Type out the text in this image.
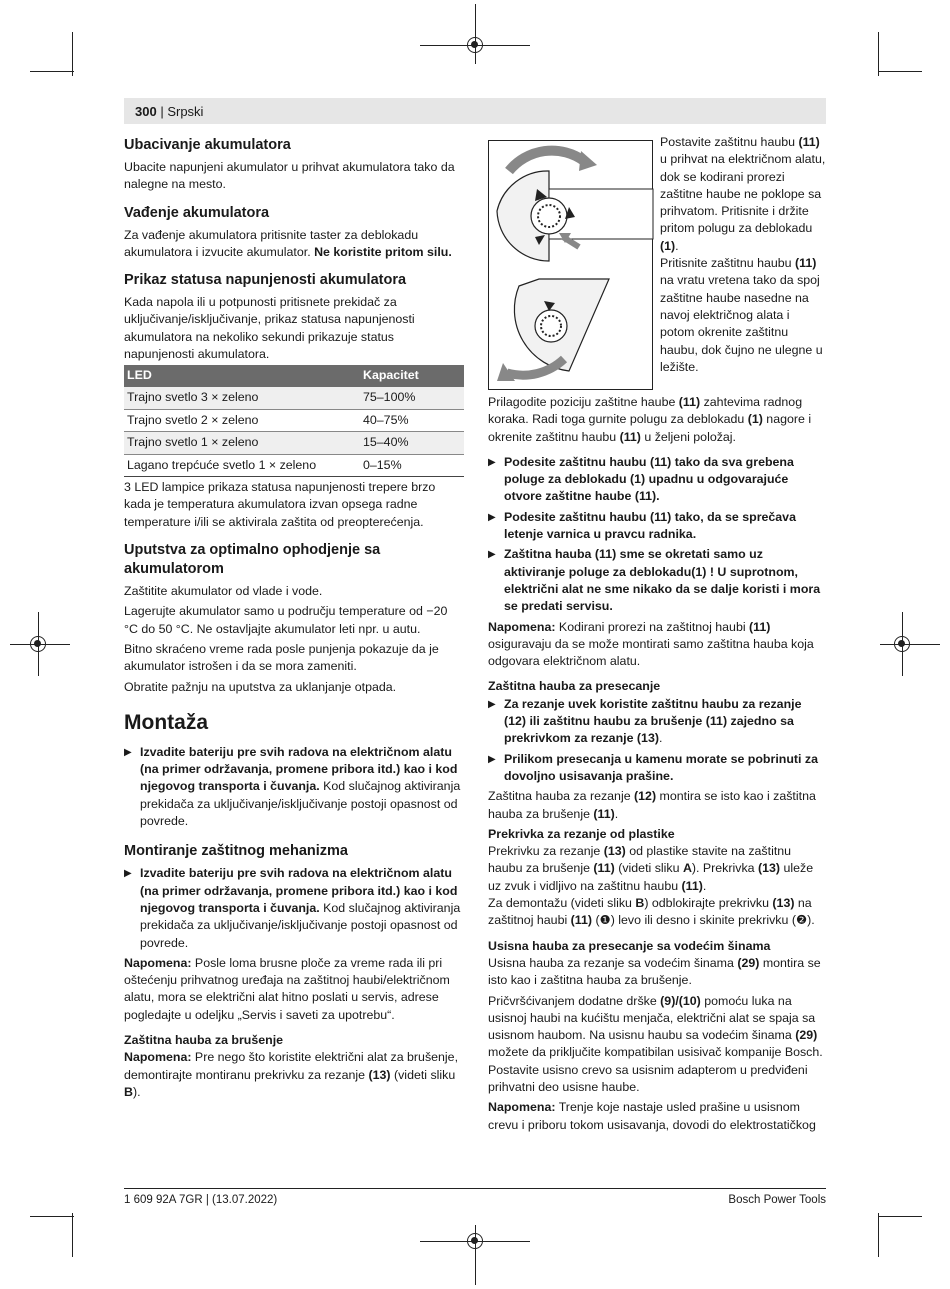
300 | Srpski
Ubacivanje akumulatora

Ubacite napunjeni akumulator u prihvat akumulatora tako da nalegne na mesto.

Vađenje akumulatora

Za vađenje akumulatora pritisnite taster za deblokadu akumulatora i izvucite akumulator. Ne koristite pritom silu.

Prikaz statusa napunjenosti akumulatora

Kada napola ili u potpunosti pritisnete prekidač za uključivanje/isključivanje, prikaz statusa napunjenosti akumulatora na nekoliko sekundi prikazuje status napunjenosti akumulatora.

LED	Kapacitet
Trajno svetlo 3 × zeleno	75–100%
Trajno svetlo 2 × zeleno	40–75%
Trajno svetlo 1 × zeleno	15–40%
Lagano trepćuće svetlo 1 × zeleno	0–15%

3 LED lampice prikaza statusa napunjenosti trepere brzo kada je temperatura akumulatora izvan opsega radne temperature i/ili se aktivirala zaštita od preopterećenja.

Uputstva za optimalno ophodjenje sa akumulatorom

Zaštitite akumulator od vlade i vode.

Lagerujte akumulator samo u području temperature od −20 °C do 50 °C. Ne ostavljajte akumulator leti npr. u autu.

Bitno skraćeno vreme rada posle punjenja pokazuje da je akumulator istrošen i da se mora zameniti.

Obratite pažnju na uputstva za uklanjanje otpada.

Montaža
▶ Izvadite bateriju pre svih radova na električnom alatu (na primer održavanja, promene pribora itd.) kao i kod njegovog transporta i čuvanja. Kod slučajnog aktiviranja prekidača za uključivanje/isključivanje postoji opasnost od povrede.
Montiranje zaštitnog mehanizma
▶ Izvadite bateriju pre svih radova na električnom alatu (na primer održavanja, promene pribora itd.) kao i kod njegovog transporta i čuvanja. Kod slučajnog aktiviranja prekidača za uključivanje/isključivanje postoji opasnost od povrede.

Napomena: Posle loma brusne ploče za vreme rada ili pri oštećenju prihvatnog uređaja na zaštitnoj haubi/električnom alatu, mora se električni alat hitno poslati u servis, adrese pogledajte u odeljku „Servis i saveti za upotrebu“.

Zaštitna hauba za brušenje

Napomena: Pre nego što koristite električni alat za brušenje, demontirajte montiranu prekrivku za rezanje (13) (videti sliku B).

Postavite zaštitnu haubu (11) u prihvat na električnom alatu, dok se kodirani prorezi zaštitne haube ne poklope sa prihvatom. Pritisnite i držite pritom polugu za deblokadu (1).

Pritisnite zaštitnu haubu (11) na vratu vretena tako da spoj zaštitne haube nasedne na navoj električnog alata i potom okrenite zaštitnu haubu, dok čujno ne ulegne u ležište.

Prilagodite poziciju zaštitne haube (11) zahtevima radnog koraka. Radi toga gurnite polugu za deblokadu (1) nagore i okrenite zaštitnu haubu (11) u željeni položaj.

▶ Podesite zaštitnu haubu (11) tako da sva grebena poluge za deblokadu (1) upadnu u odgovarajuće otvore zaštitne haube (11).
▶ Podesite zaštitnu haubu (11) tako, da se sprečava letenje varnica u pravcu radnika.
▶ Zaštitna hauba (11) sme se okretati samo uz aktiviranje poluge za deblokadu(1) ! U suprotnom, električni alat ne sme nikako da se dalje koristi i mora se predati servisu.

Napomena: Kodirani prorezi na zaštitnoj haubi (11) osiguravaju da se može montirati samo zaštitna hauba koja odgovara električnom alatu.

Zaštitna hauba za presecanje
▶ Za rezanje uvek koristite zaštitnu haubu za rezanje (12) ili zaštitnu haubu za brušenje (11) zajedno sa prekrivkom za rezanje (13).
▶ Prilikom presecanja u kamenu morate se pobrinuti za dovoljno usisavanja prašine.

Zaštitna hauba za rezanje (12) montira se isto kao i zaštitna hauba za brušenje (11).

Prekrivka za rezanje od plastike

Prekrivku za rezanje (13) od plastike stavite na zaštitnu haubu za brušenje (11) (videti sliku A). Prekrivka (13) uleže uz zvuk i vidljivo na zaštitnu haubu (11).

Za demontažu (videti sliku B) odblokirajte prekrivku (13) na zaštitnoj haubi (11) (❶) levo ili desno i skinite prekrivku (❷).

Usisna hauba za presecanje sa vodećim šinama

Usisna hauba za rezanje sa vodećim šinama (29) montira se isto kao i zaštitna hauba za brušenje.

Pričvršćivanjem dodatne drške (9)/(10) pomoću luka na usisnoj haubi na kućištu menjača, električni alat se spaja sa usisnom haubom. Na usisnu haubu sa vodećim šinama (29) možete da priključite kompatibilan usisivač kompanije Bosch. Postavite usisno crevo sa usisnim adapterom u predviđeni prihvatni deo usisne haube.

Napomena: Trenje koje nastaje usled prašine u usisnom crevu i priboru tokom usisavanja, dovodi do elektrostatičkog

1 609 92A 7GR | (13.07.2022)	Bosch Power Tools
